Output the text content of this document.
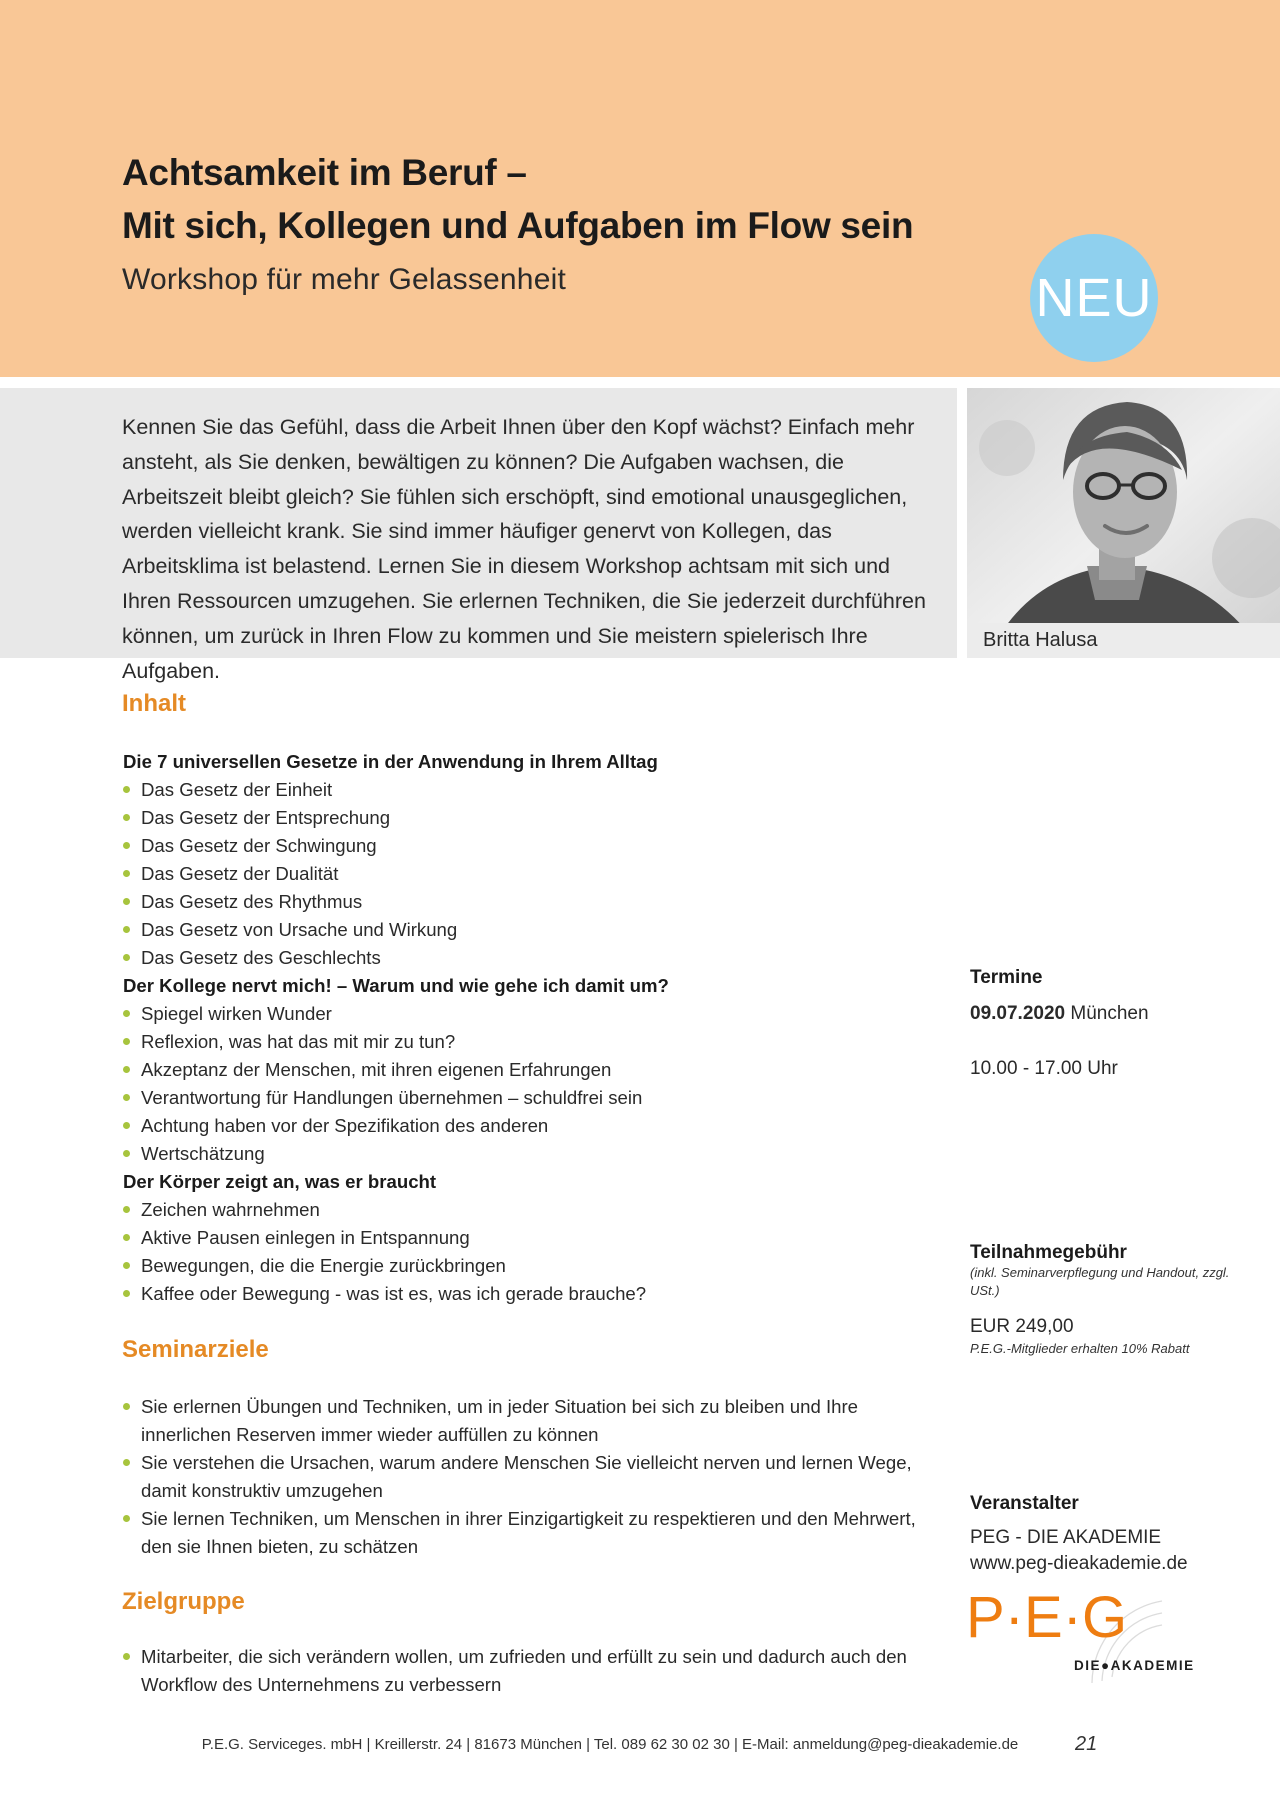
Achtsamkeit im Beruf –
Mit sich, Kollegen und Aufgaben im Flow sein
Workshop für mehr Gelassenheit	NEU
Kennen Sie das Gefühl, dass die Arbeit Ihnen über den Kopf wächst? Einfach mehr ansteht, als Sie denken, bewältigen zu können? Die Aufgaben wachsen, die Arbeitszeit bleibt gleich? Sie fühlen sich erschöpft, sind emotional unausgeglichen, werden vielleicht krank. Sie sind immer häufiger genervt von Kollegen, das Arbeitsklima ist belastend. Lernen Sie in diesem Workshop achtsam mit sich und Ihren Ressourcen umzugehen. Sie erlernen Techniken, die Sie jederzeit durchführen können, um zurück in Ihren Flow zu kommen und Sie meistern spielerisch Ihre Aufgaben.
Britta Halusa
Inhalt
Die 7 universellen Gesetze in der Anwendung in Ihrem Alltag
Das Gesetz der Einheit
Das Gesetz der Entsprechung
Das Gesetz der Schwingung
Das Gesetz der Dualität
Das Gesetz des Rhythmus
Das Gesetz von Ursache und Wirkung
Das Gesetz des Geschlechts
Der Kollege nervt mich! – Warum und wie gehe ich damit um?
Spiegel wirken Wunder
Reflexion, was hat das mit mir zu tun?
Akzeptanz der Menschen, mit ihren eigenen Erfahrungen
Verantwortung für Handlungen übernehmen – schuldfrei sein
Achtung haben vor der Spezifikation des anderen
Wertschätzung
Der Körper zeigt an, was er braucht
Zeichen wahrnehmen
Aktive Pausen einlegen in Entspannung
Bewegungen, die die Energie zurückbringen
Kaffee oder Bewegung - was ist es, was ich gerade brauche?
Seminarziele
Sie erlernen Übungen und Techniken, um in jeder Situation bei sich zu bleiben und Ihre innerlichen Reserven immer wieder auffüllen zu können
Sie verstehen die Ursachen, warum andere Menschen Sie vielleicht nerven und lernen Wege, damit konstruktiv umzugehen
Sie lernen Techniken, um Menschen in ihrer Einzigartigkeit zu respektieren und den Mehrwert, den sie Ihnen bieten, zu schätzen
Zielgruppe
Mitarbeiter, die sich verändern wollen, um zufrieden und erfüllt zu sein und dadurch auch den Workflow des Unternehmens zu verbessern
Termine
09.07.2020 München
10.00 - 17.00 Uhr
Teilnahmegebühr
(inkl. Seminarverpflegung und Handout, zzgl. USt.)
EUR 249,00
P.E.G.-Mitglieder erhalten 10% Rabatt
Veranstalter
PEG - DIE AKADEMIE
www.peg-dieakademie.de
P·E·G
DIE●AKADEMIE
P.E.G. Serviceges. mbH | Kreillerstr. 24 | 81673 München | Tel. 089 62 30 02 30 | E-Mail: anmeldung@peg-dieakademie.de	21
